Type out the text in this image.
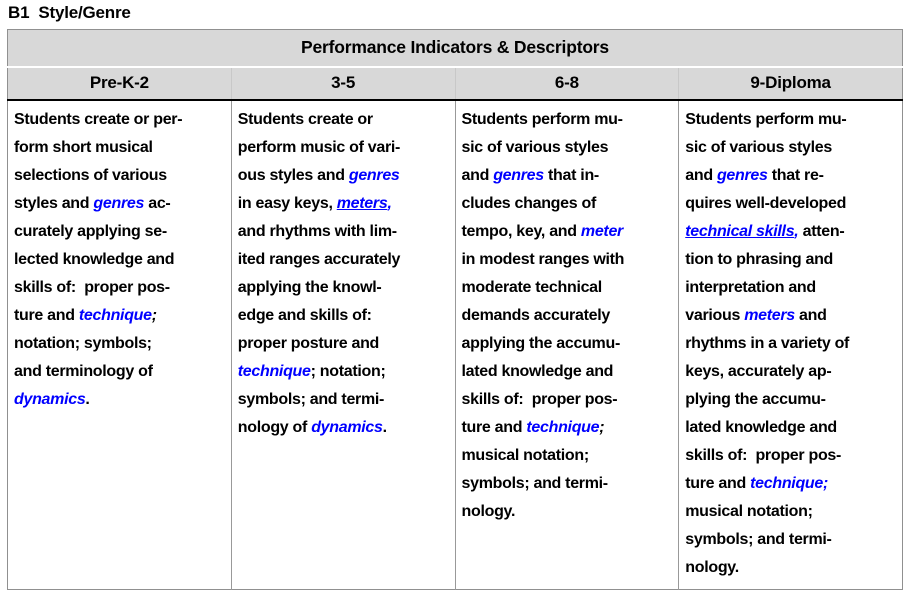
B1  Style/Genre
Performance Indicators & Descriptors			
Pre-K-2	3-5	6-8	9-Diploma
Students create or per-
form short musical
selections of various
styles and genres ac-
curately applying se-
lected knowledge and
skills of:  proper pos-
ture and technique;
notation; symbols;
and terminology of
dynamics.	Students create or
perform music of vari-
ous styles and genres
in easy keys, meters,
and rhythms with lim-
ited ranges accurately
applying the knowl-
edge and skills of:
proper posture and
technique; notation;
symbols; and termi-
nology of dynamics.	Students perform mu-
sic of various styles
and genres that in-
cludes changes of
tempo, key, and meter
in modest ranges with
moderate technical
demands accurately
applying the accumu-
lated knowledge and
skills of:  proper pos-
ture and technique;
musical notation;
symbols; and termi-
nology.	Students perform mu-
sic of various styles
and genres that re-
quires well-developed
technical skills, atten-
tion to phrasing and
interpretation and
various meters and
rhythms in a variety of
keys, accurately ap-
plying the accumu-
lated knowledge and
skills of:  proper pos-
ture and technique;
musical notation;
symbols; and termi-
nology.
